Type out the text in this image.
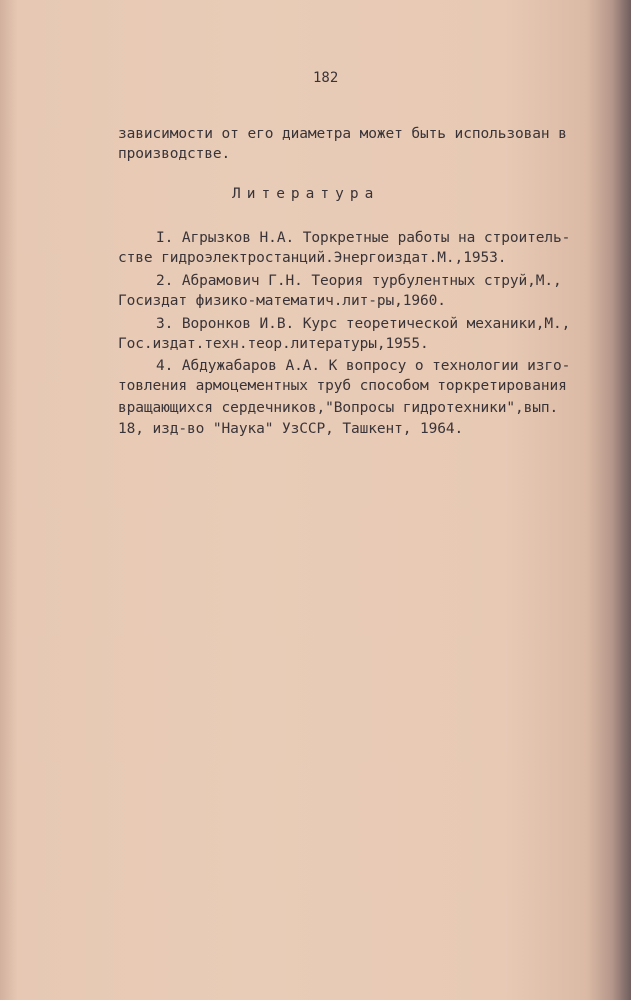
182
зависимости от его диаметра может быть использован в
производстве.
Литература
I. Агрызков Н.А. Торкретные работы на строитель-
стве гидроэлектростанций.Энергоиздат.М.,1953.
2. Абрамович Г.Н. Теория турбулентных струй,М.,
Госиздат физико-математич.лит-ры,1960.
3. Воронков И.В. Курс теоретической механики,М.,
Гос.издат.техн.теор.литературы,1955.
4. Абдужабаров А.А. К вопросу о технологии изго-
товления армоцементных труб способом торкретирования
вращающихся сердечников,"Вопросы гидротехники",вып.
18, изд-во "Наука" УзССР, Ташкент, 1964.
